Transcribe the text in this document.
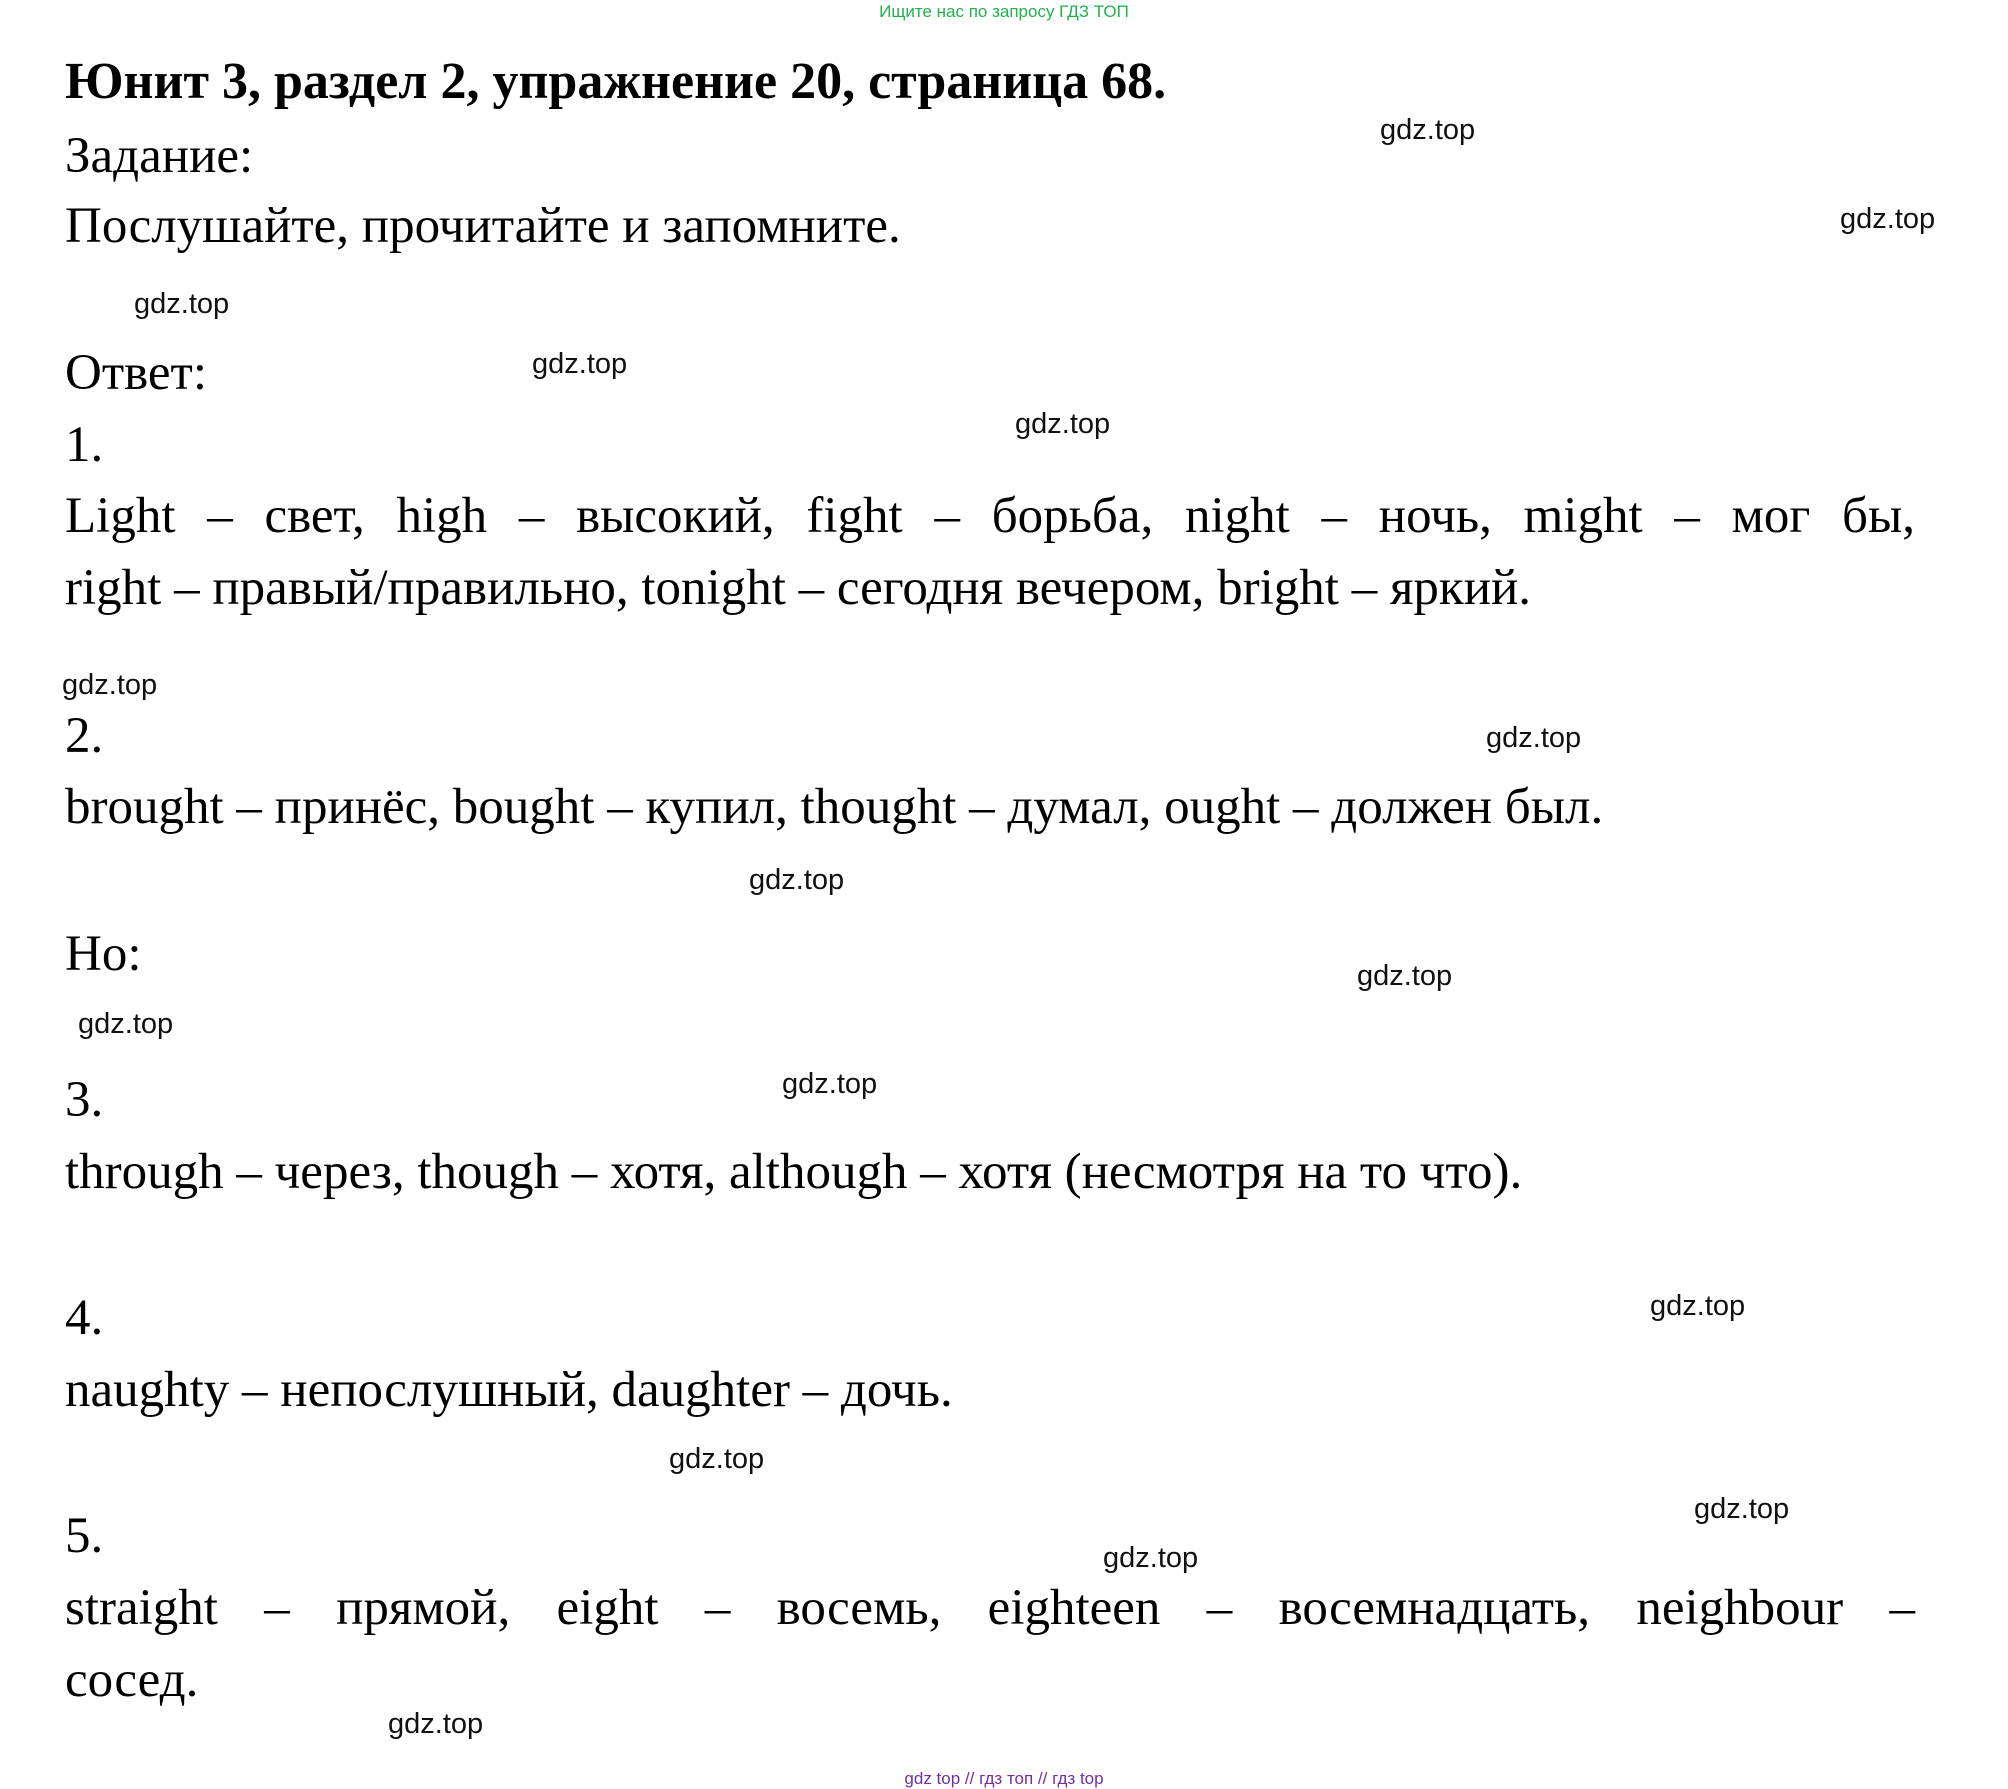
Ищите нас по запросу ГДЗ ТОП
Юнит 3, раздел 2, упражнение 20, страница 68.
Задание:
Послушайте, прочитайте и запомните.
Ответ:
1.
Light – свет, high – высокий, fight – борьба, night – ночь, might – мог бы,
right – правый/правильно, tonight – сегодня вечером, bright – яркий.
2.
brought – принёс, bought – купил, thought – думал, ought – должен был.
Но:
3.
through – через, though – хотя, although – хотя (несмотря на то что).
4.
naughty – непослушный, daughter – дочь.
5.
straight – прямой, eight – восемь, eighteen – восемнадцать, neighbour –
сосед.
gdz.top
gdz.top
gdz.top
gdz.top
gdz.top
gdz.top
gdz.top
gdz.top
gdz.top
gdz.top
gdz.top
gdz.top
gdz.top
gdz.top
gdz.top
gdz.top
gdz top // гдз топ // гдз top
